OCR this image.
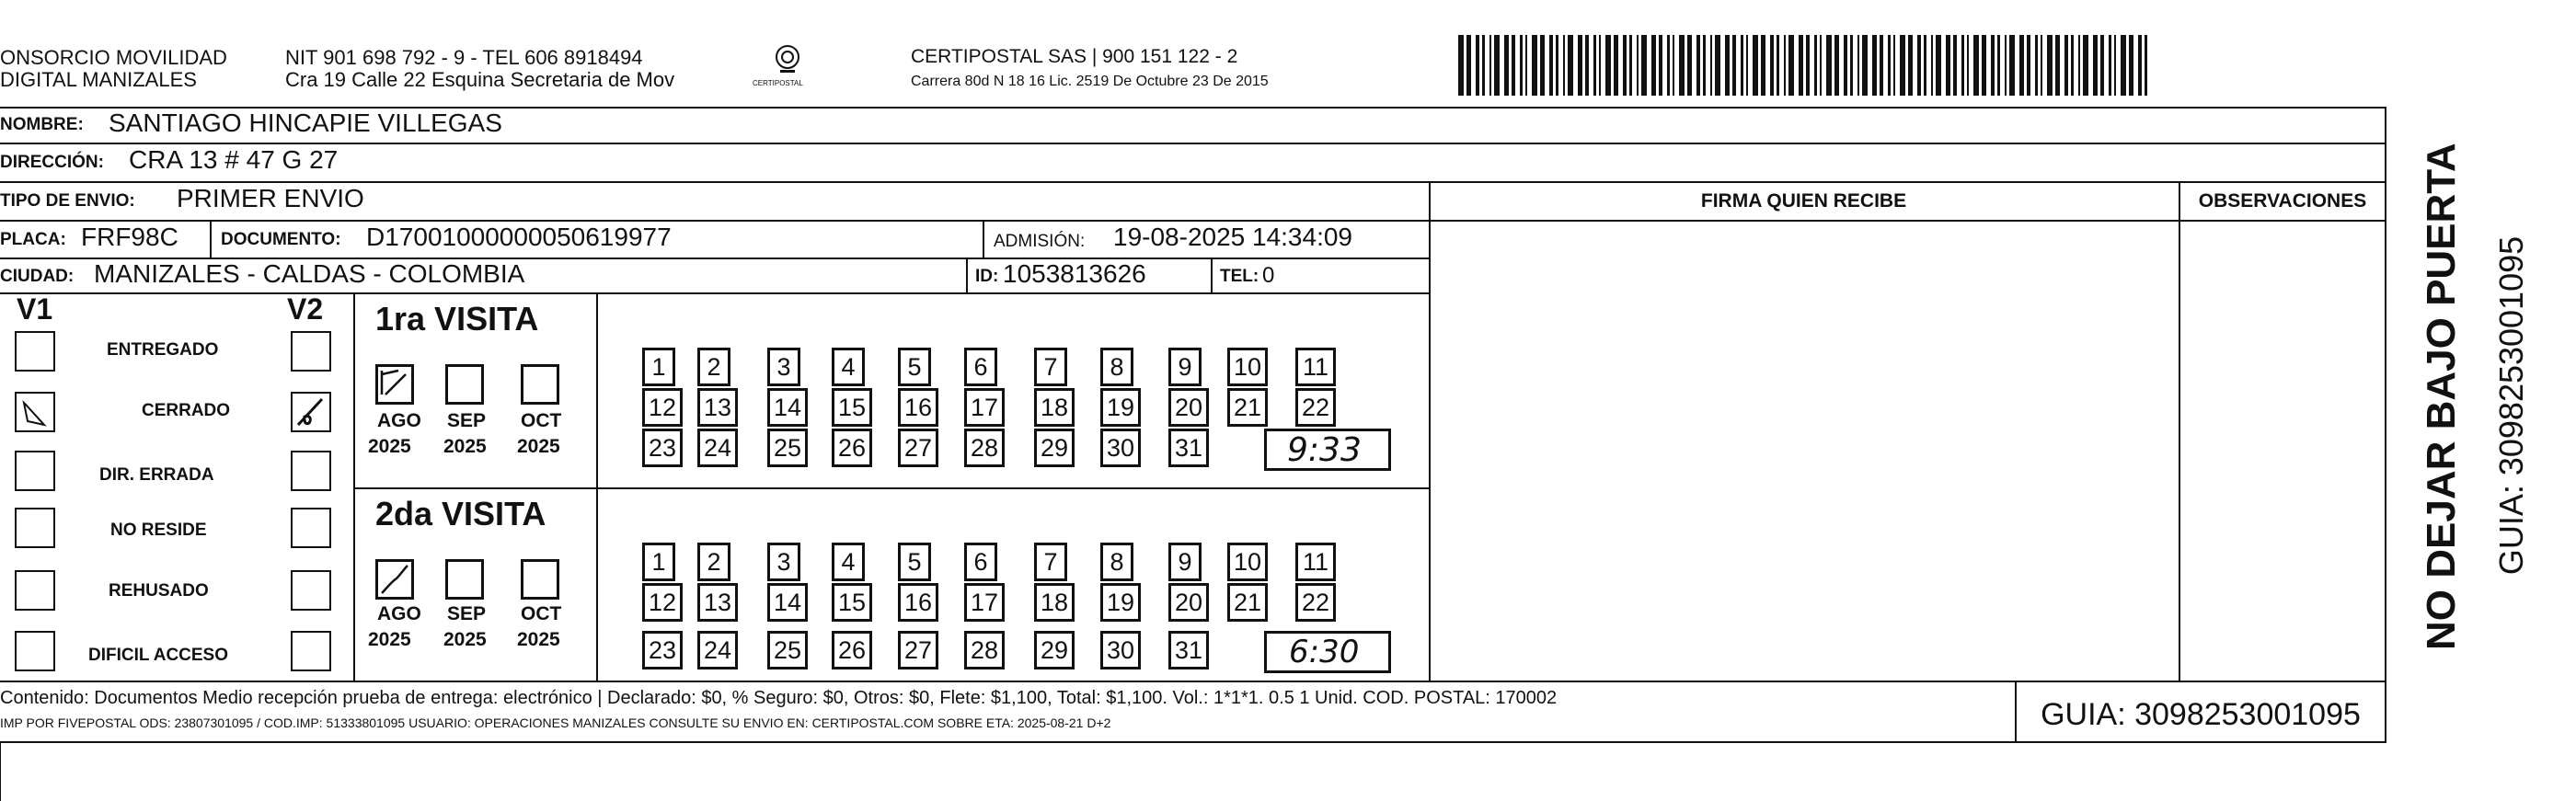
ONSORCIO MOVILIDAD
DIGITAL MANIZALES
NIT 901 698 792 - 9 - TEL 606 8918494
Cra 19 Calle 22 Esquina Secretaria de Mov	CERTIPOSTAL
CERTIPOSTAL SAS | 900 151 122 - 2
Carrera 80d N 18 16 Lic. 2519 De Octubre 23 De 2015
NOMBRE: SANTIAGO HINCAPIE VILLEGAS
DIRECCIÓN: CRA 13 # 47 G 27
TIPO DE ENVIO: PRIMER ENVIO
PLACA: FRF98C DOCUMENTO: D17001000000050619977	ADMISIÓN: 19-08-2025 14:34:09
CIUDAD: MANIZALES - CALDAS - COLOMBIA	ID: 1053813626	TEL: 0
FIRMA QUIEN RECIBE	OBSERVACIONES
V1	V2
ENTREGADO
CERRADO
DIR. ERRADA
NO RESIDE
REHUSADO
DIFICIL ACCESO
1ra VISITA
2da VISITA
AGO SEP OCT
2025 2025 2025
AGO SEP OCT
2025 2025 2025
1	2	3	4	5	6	7	8	9	10 11
12 13 14 15 16 17 18 19 20 21 22
23 24 25 26 27 28 29 30 31
1	2	3	4	5	6	7	8	9	10 11
12 13 14 15 16 17 18 19 20 21 22
23 24 25 26 27 28 29 30 31
9:33
6:30
Contenido: Documentos Medio recepción prueba de entrega: electrónico | Declarado: $0, % Seguro: $0, Otros: $0, Flete: $1,100, Total: $1,100. Vol.: 1*1*1. 0.5 1 Unid. COD. POSTAL: 170002
IMP POR FIVEPOSTAL ODS: 23807301095 / COD.IMP: 51333801095 USUARIO: OPERACIONES MANIZALES CONSULTE SU ENVIO EN: CERTIPOSTAL.COM SOBRE ETA: 2025-08-21 D+2	GUIA: 3098253001095
NO DEJAR BAJO PUERTA GUIA: 3098253001095
